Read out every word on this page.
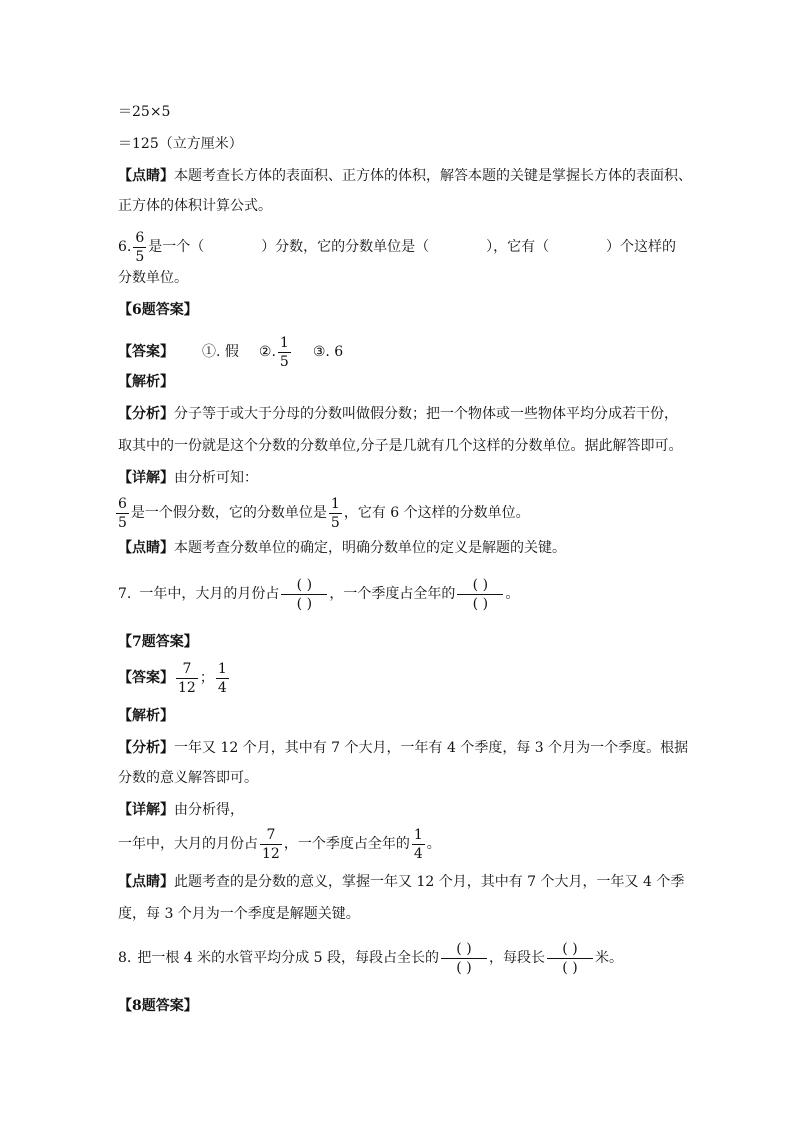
＝25×5
＝125（立方厘米）
【点睛】 本题考查长方体的表面积、正方体的体积，解答本题的关键是掌握长方体的表面积、
正方体的体积计算公式。
6. $\frac{6}{5}$ 是一个（	）分数，它的分数单位是（	），它有（	）个这样的
分数单位。
【6题答案】
【答案】 ①. 假 ②. $\frac{1}{5}$ ③. 6
【解析】
【分析】 分子等于或大于分母的分数叫做假分数；把一个物体或一些物体平均分成若干份，
取其中的一份就是这个分数的分数单位,分子是几就有几个这样的分数单位。据此解答即可。
【详解】 由分析可知：
$\frac{6}{5}$ 是一个假分数，它的分数单位是 $\frac{1}{5}$ ，它有 6 个这样的分数单位。
【点睛】 本题考查分数单位的确定，明确分数单位的定义是解题的关键。
7. 一年中，大月的月份占 $\frac{( )}{( )}$ ，一个季度占全年的 $\frac{( )}{( )}$ 。
【7题答案】
【答案】 $\frac{7}{12}$ ； $\frac{1}{4}$
【解析】
【分析】 一年又 12 个月，其中有 7 个大月，一年有 4 个季度，每 3 个月为一个季度。根据
分数的意义解答即可。
【详解】 由分析得，
一年中，大月的月份占 $\frac{7}{12}$ ，一个季度占全年的 $\frac{1}{4}$ 。
【点睛】 此题考查的是分数的意义，掌握一年又 12 个月，其中有 7 个大月，一年又 4 个季
度，每 3 个月为一个季度是解题关键。
8. 把一根 4 米的水管平均分成 5 段，每段占全长的 $\frac{( )}{( )}$ ，每段长 $\frac{( )}{( )}$ 米。
【8题答案】
